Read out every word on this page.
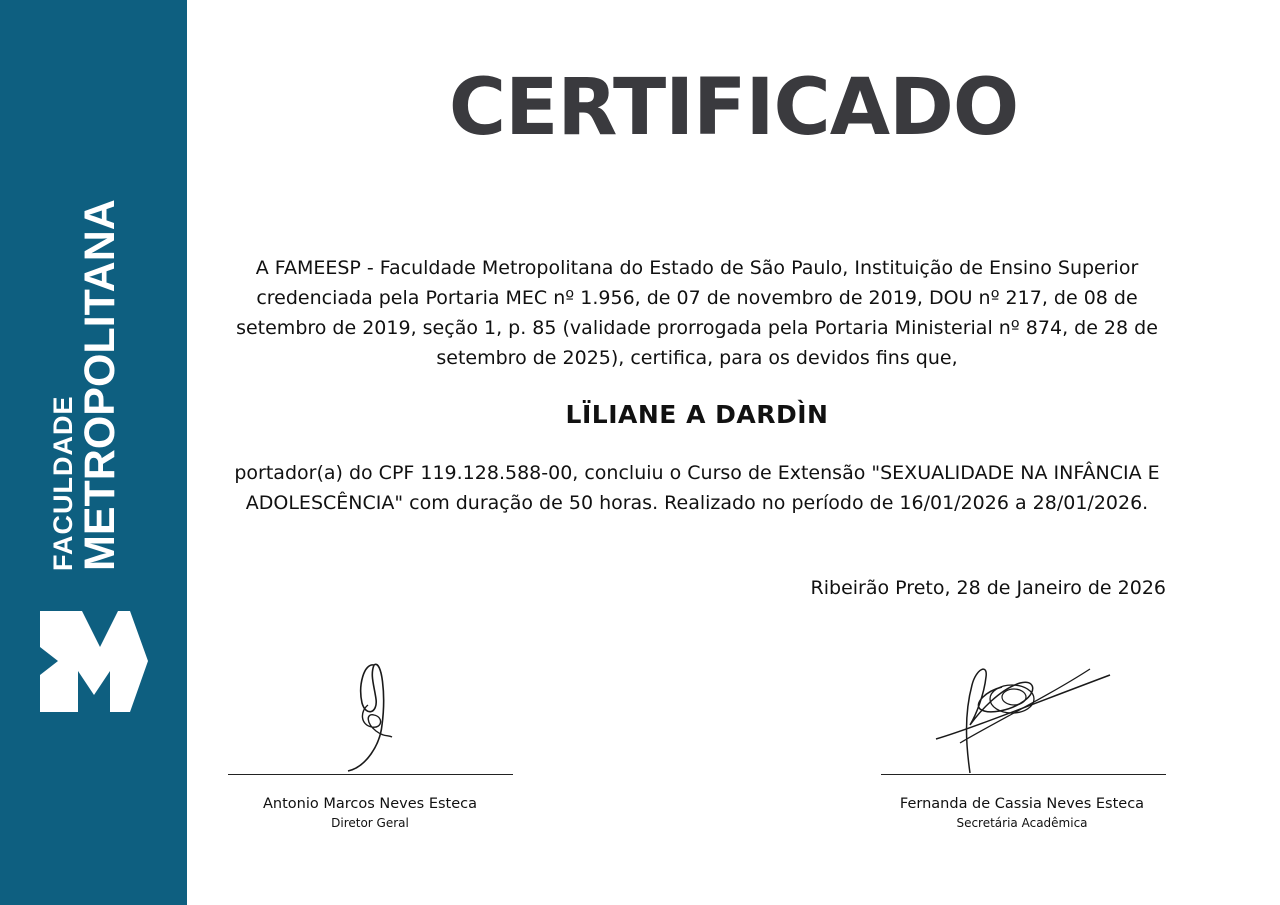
FACULDADE
METROPOLITANA
CERTIFICADO
A FAMEESP - Faculdade Metropolitana do Estado de São Paulo, Instituição de Ensino Superior credenciada pela Portaria MEC nº 1.956, de 07 de novembro de 2019, DOU nº 217, de 08 de setembro de 2019, seção 1, p. 85 (validade prorrogada pela Portaria Ministerial nº 874, de 28 de setembro de 2025), certifica, para os devidos fins que,
LÏLIANE A DARDÌN
portador(a) do CPF 119.128.588-00, concluiu o Curso de Extensão "SEXUALIDADE NA INFÂNCIA E ADOLESCÊNCIA" com duração de 50 horas. Realizado no período de 16/01/2026 a 28/01/2026.
Ribeirão Preto, 28 de Janeiro de 2026
Antonio Marcos Neves Esteca
Diretor Geral
Fernanda de Cassia Neves Esteca
Secretária Acadêmica
